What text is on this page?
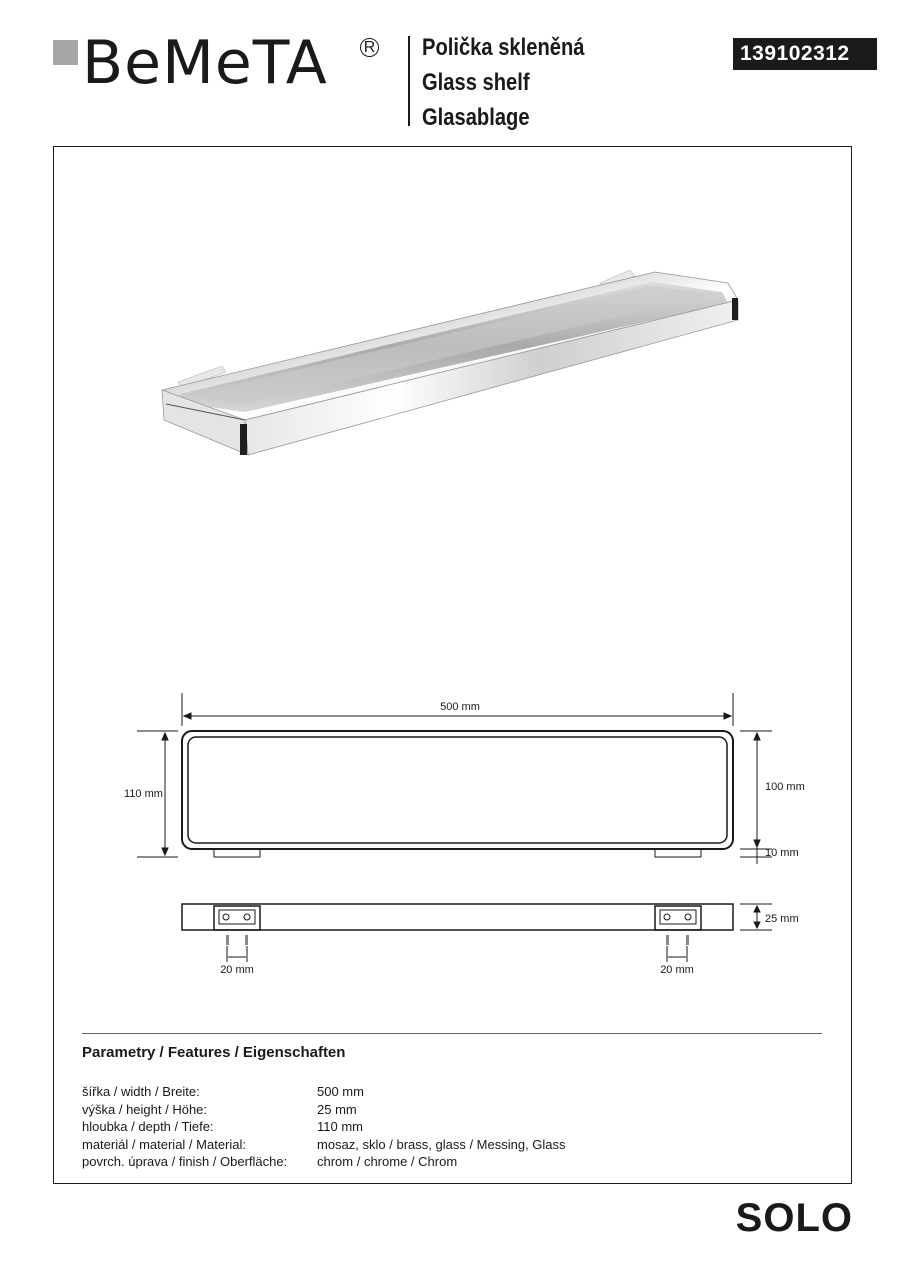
BeMeTA R Polička skleněná
Glass shelf
Glasablage
139102312
500 mm
110 mm
100 mm
10 mm
25 mm
20 mm	20 mm
Parametry / Features / Eigenschaften
šířka / width / Breite:	500 mm
výška / height / Höhe:	25 mm
hloubka / depth / Tiefe:	110 mm
materiál / material / Material:	mosaz, sklo / brass, glass / Messing, Glass
povrch. úprava / finish / Oberfläche:	chrom / chrome / Chrom
SOLO
